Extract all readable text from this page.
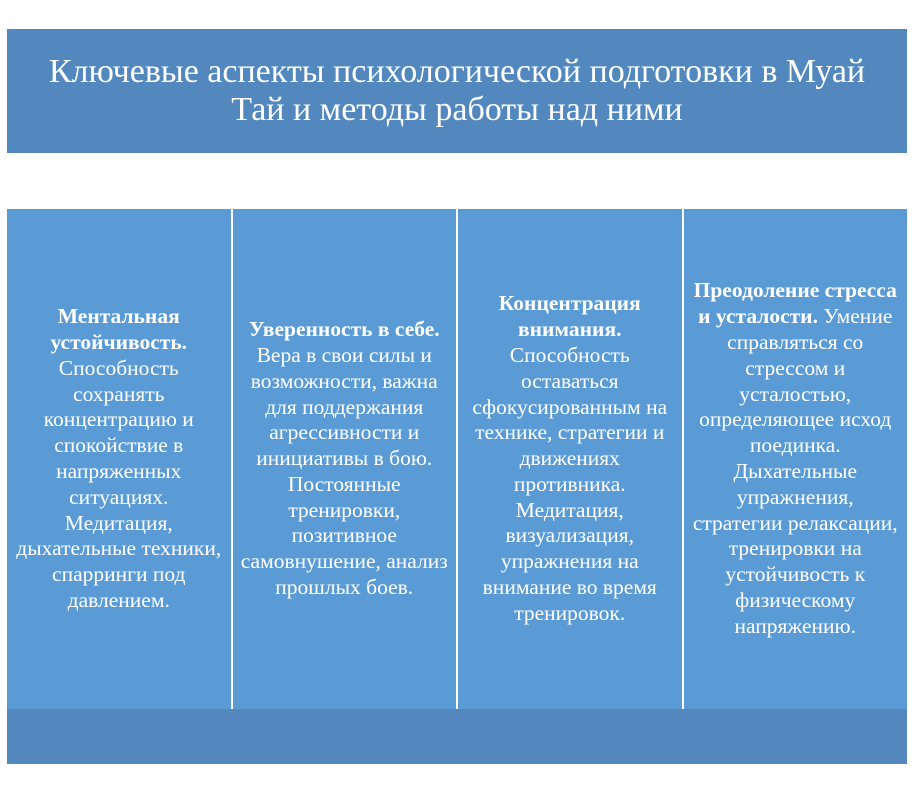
Ключевые аспекты психологической подготовки в Муай Тай и методы работы над ними
Ментальная устойчивость. Способность сохранять концентрацию и спокойствие в напряженных ситуациях. Медитация, дыхательные техники, спарринги под давлением.
Уверенность в себе. Вера в свои силы и возможности, важна для поддержания агрессивности и инициативы в бою. Постоянные тренировки, позитивное самовнушение, анализ прошлых боев.
Концентрация внимания. Способность оставаться сфокусированным на технике, стратегии и движениях противника. Медитация, визуализация, упражнения на внимание во время тренировок.
Преодоление стресса и усталости. Умение справляться со стрессом и усталостью, определяющее исход поединка. Дыхательные упражнения, стратегии релаксации, тренировки на устойчивость к физическому напряжению.
